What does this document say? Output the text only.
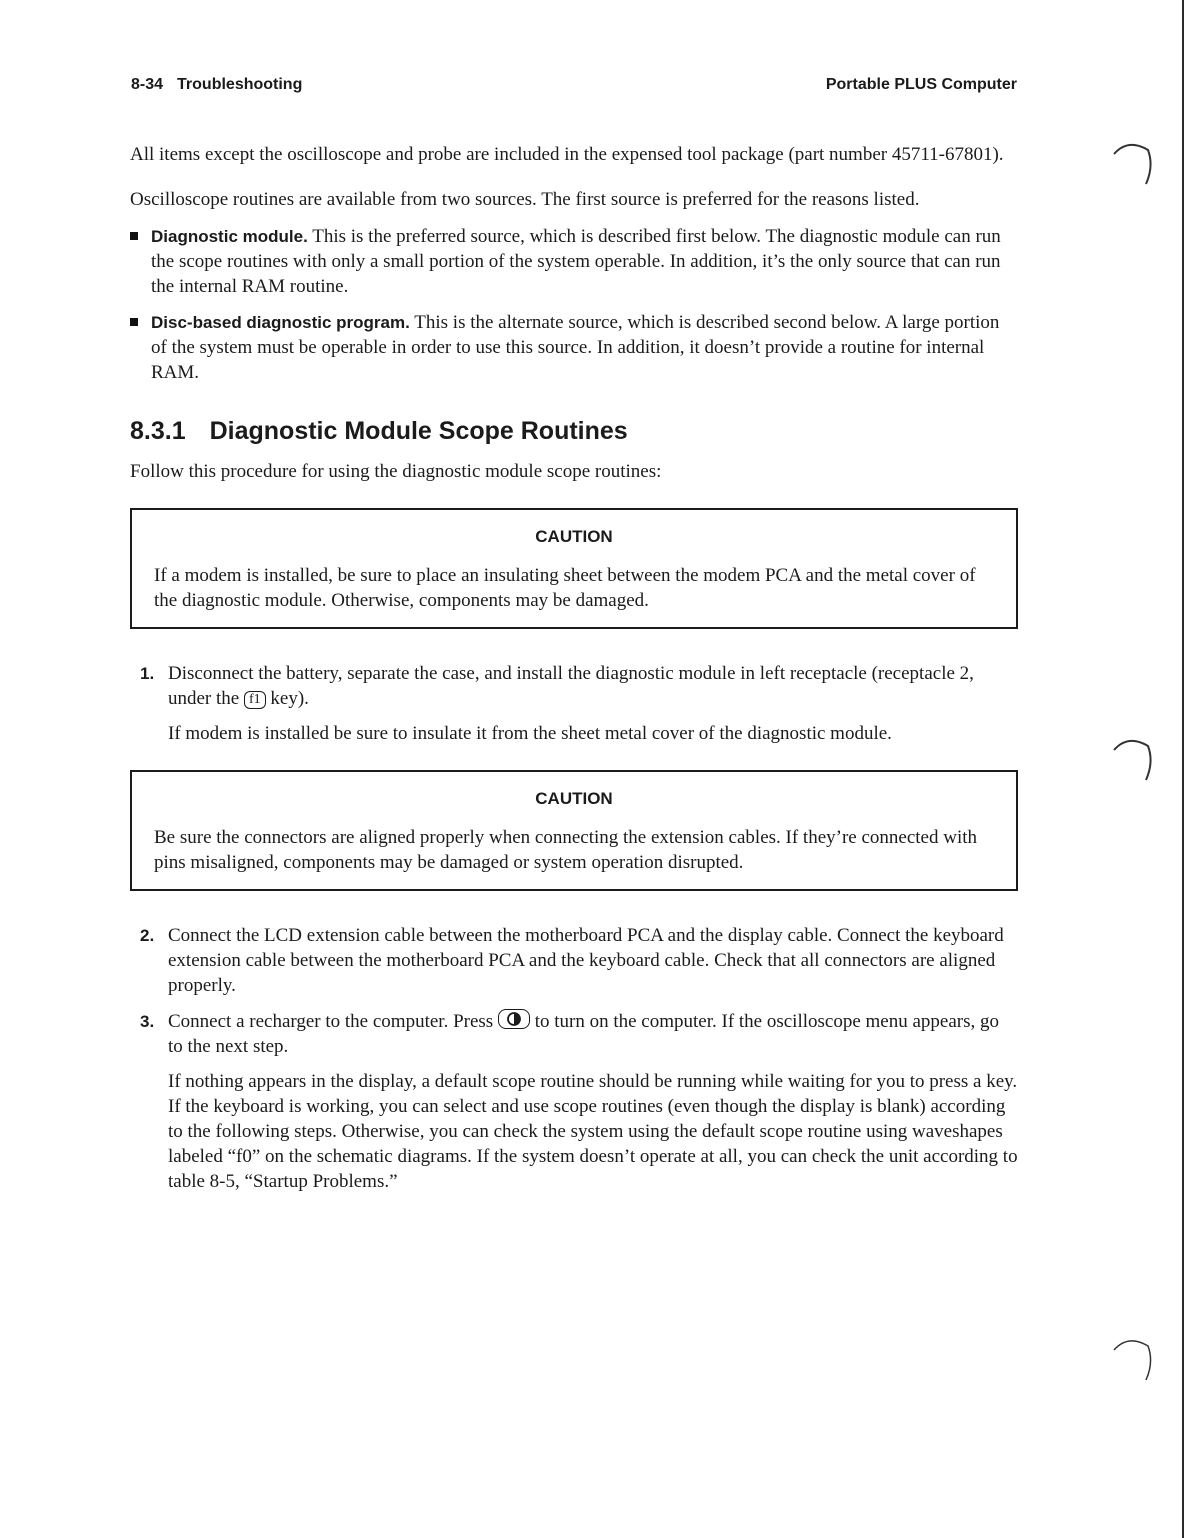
8-34 Troubleshooting	Portable PLUS Computer

All items except the oscilloscope and probe are included in the expensed tool package (part number 45711-67801).

Oscilloscope routines are available from two sources. The first source is preferred for the reasons listed.

Diagnostic module. This is the preferred source, which is described first below. The diagnostic module can run the scope routines with only a small portion of the system operable. In addition, it’s the only source that can run the internal RAM routine.
Disc-based diagnostic program. This is the alternate source, which is described second below. A large portion of the system must be operable in order to use this source. In addition, it doesn’t provide a routine for internal RAM.
8.3.1 Diagnostic Module Scope Routines

Follow this procedure for using the diagnostic module scope routines:

CAUTION

If a modem is installed, be sure to place an insulating sheet between the modem PCA and the metal cover of the diagnostic module. Otherwise, components may be damaged.

1. Disconnect the battery, separate the case, and install the diagnostic module in left receptacle (receptacle 2, under the f1 key).

If modem is installed be sure to insulate it from the sheet metal cover of the diagnostic module.

CAUTION

Be sure the connectors are aligned properly when connecting the extension cables. If they’re connected with pins misaligned, components may be damaged or system operation disrupted.

2. Connect the LCD extension cable between the motherboard PCA and the display cable. Connect the keyboard extension cable between the motherboard PCA and the keyboard cable. Check that all connectors are aligned properly.
3. Connect a recharger to the computer. Press to turn on the computer. If the oscilloscope menu appears, go to the next step.

If nothing appears in the display, a default scope routine should be running while waiting for you to press a key. If the keyboard is working, you can select and use scope routines (even though the display is blank) according to the following steps. Otherwise, you can check the system using the default scope routine using waveshapes labeled “f0” on the schematic diagrams. If the system doesn’t operate at all, you can check the unit according to table 8-5, “Startup Problems.”
